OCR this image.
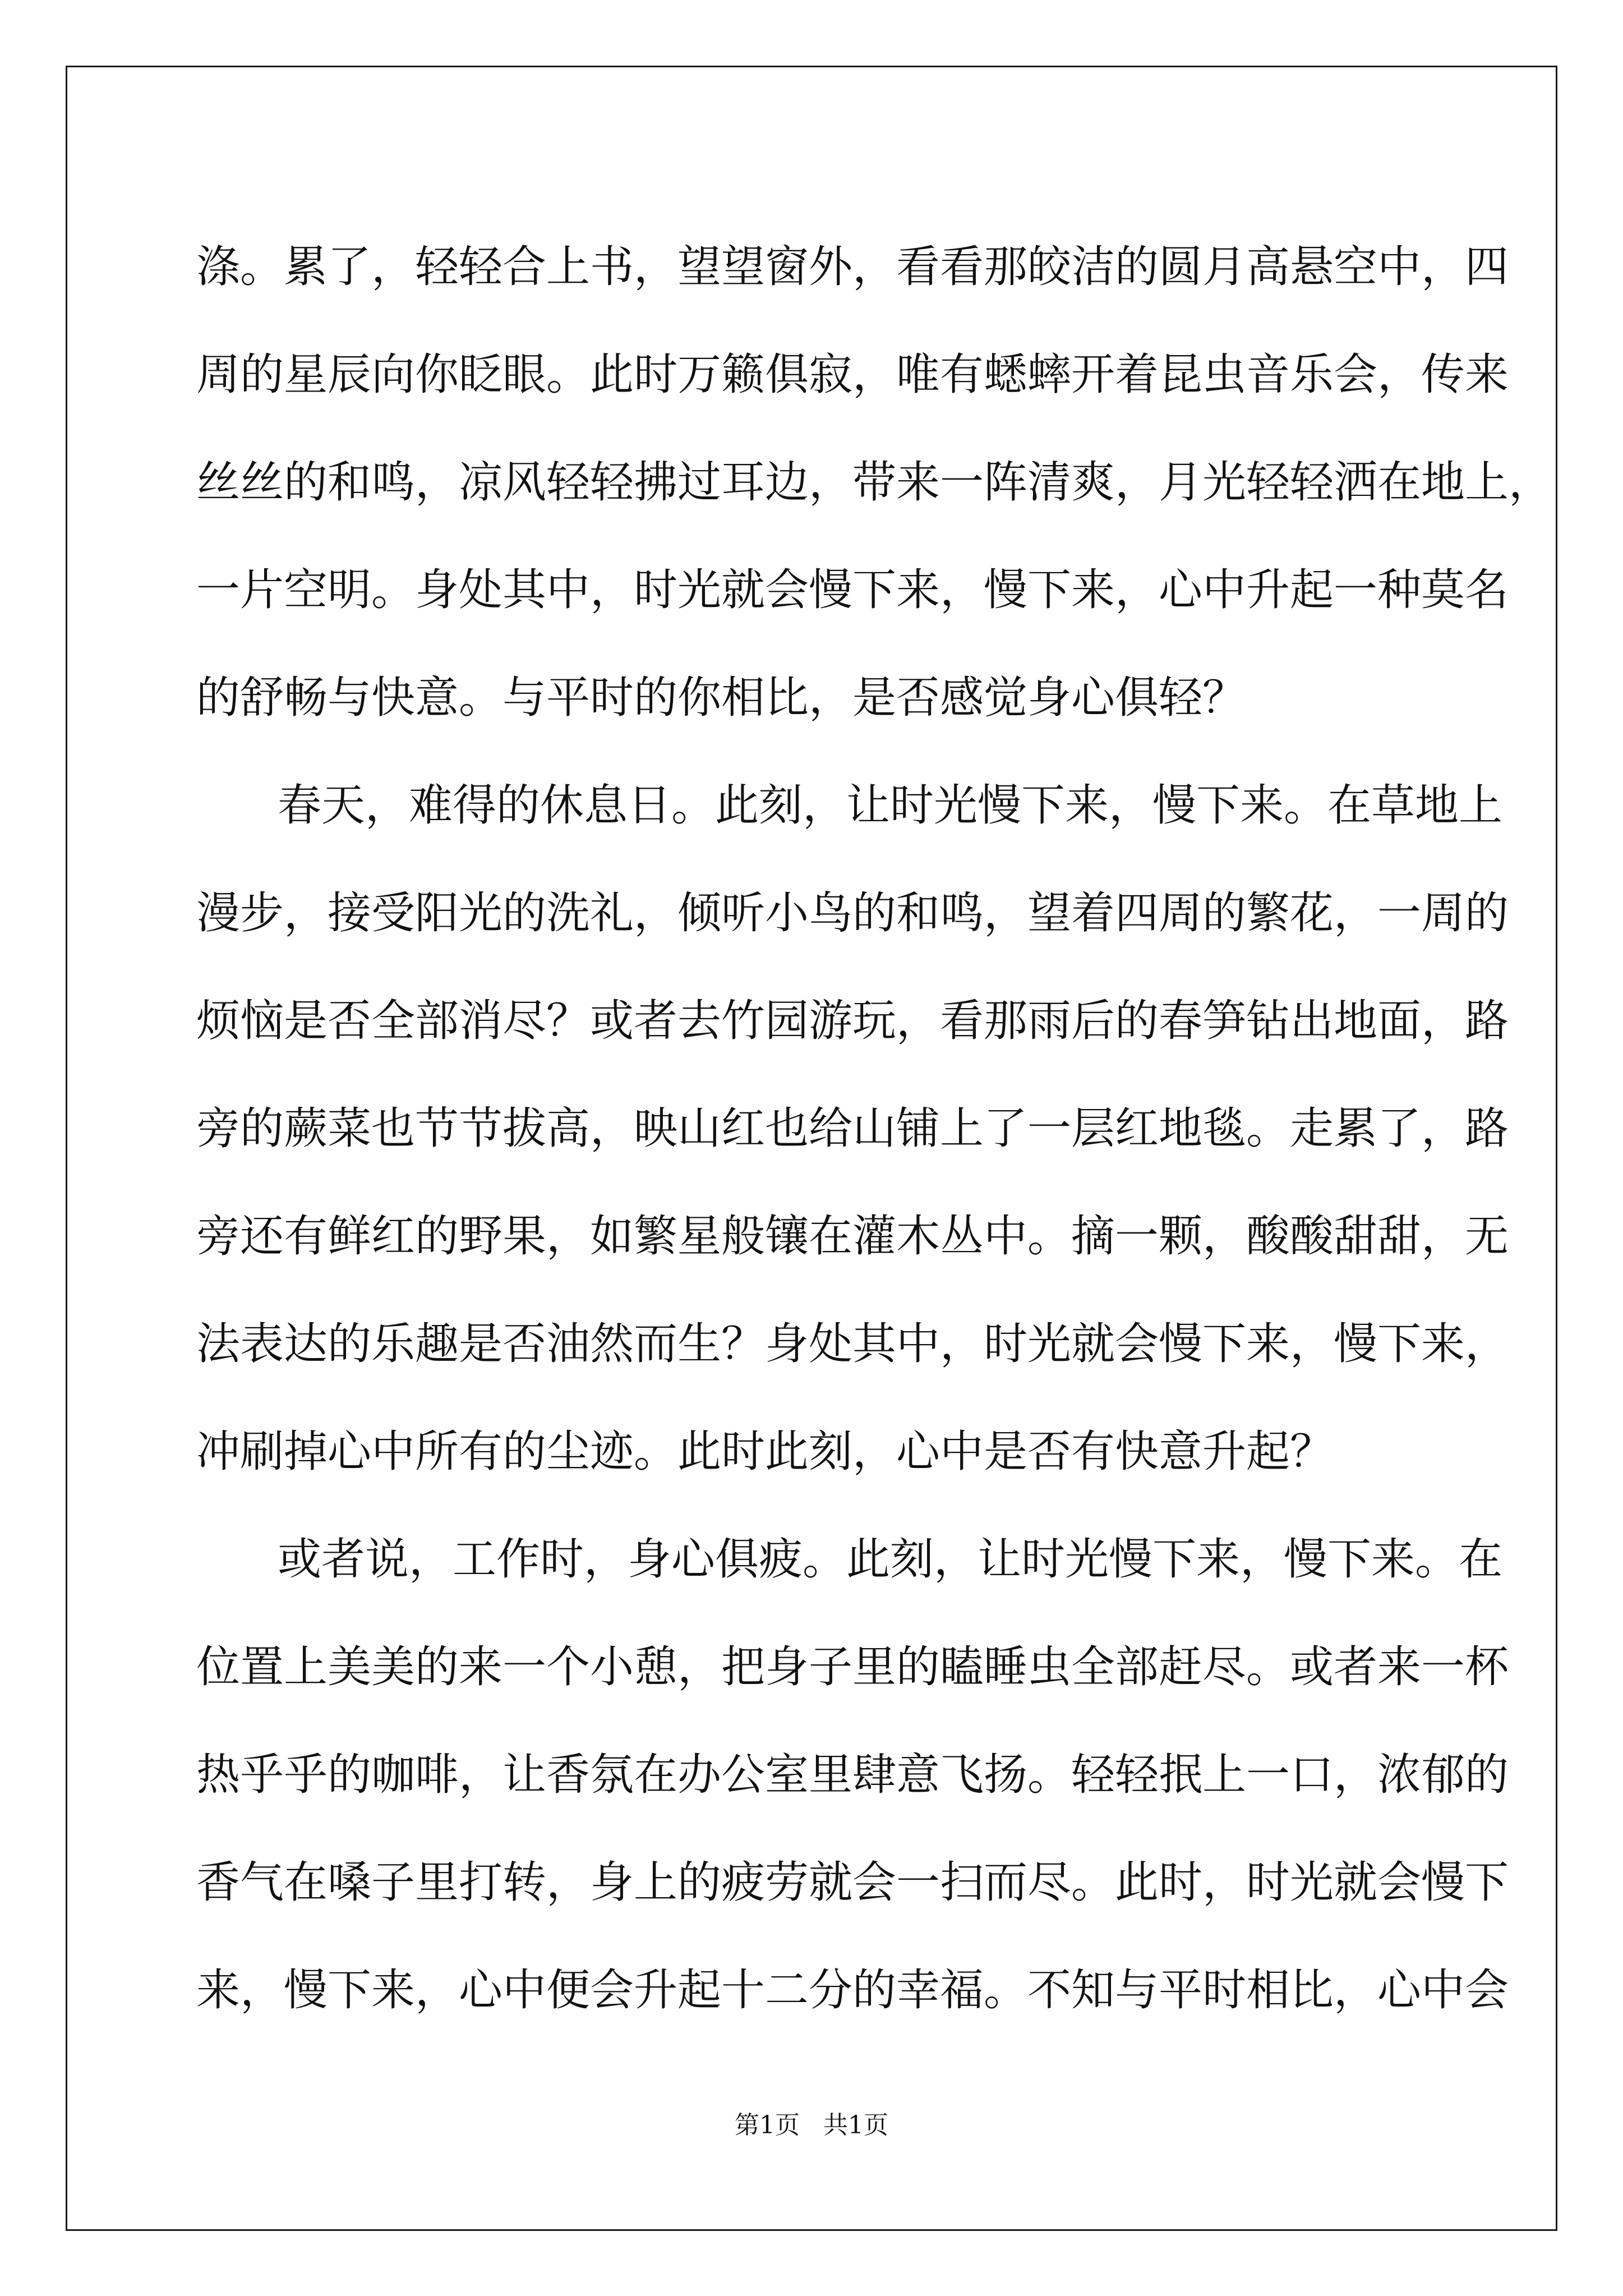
涤。累了，轻轻合上书，望望窗外，看看那皎洁的圆月高悬空中，四
周的星辰向你眨眼。此时万籁俱寂，唯有蟋蟀开着昆虫音乐会，传来
丝丝的和鸣，凉风轻轻拂过耳边，带来一阵清爽，月光轻轻洒在地上，
一片空明。身处其中，时光就会慢下来，慢下来，心中升起一种莫名
的舒畅与快意。与平时的你相比，是否感觉身心俱轻？
春天，难得的休息日。此刻，让时光慢下来，慢下来。在草地上
漫步，接受阳光的洗礼，倾听小鸟的和鸣，望着四周的繁花，一周的
烦恼是否全部消尽？或者去竹园游玩，看那雨后的春笋钻出地面，路
旁的蕨菜也节节拔高，映山红也给山铺上了一层红地毯。走累了，路
旁还有鲜红的野果，如繁星般镶在灌木丛中。摘一颗，酸酸甜甜，无
法表达的乐趣是否油然而生？身处其中，时光就会慢下来，慢下来，
冲刷掉心中所有的尘迹。此时此刻，心中是否有快意升起？
或者说，工作时，身心俱疲。此刻，让时光慢下来，慢下来。在
位置上美美的来一个小憩，把身子里的瞌睡虫全部赶尽。或者来一杯
热乎乎的咖啡，让香氛在办公室里肆意飞扬。轻轻抿上一口，浓郁的
香气在嗓子里打转，身上的疲劳就会一扫而尽。此时，时光就会慢下
来，慢下来，心中便会升起十二分的幸福。不知与平时相比，心中会
第1页 共1页
